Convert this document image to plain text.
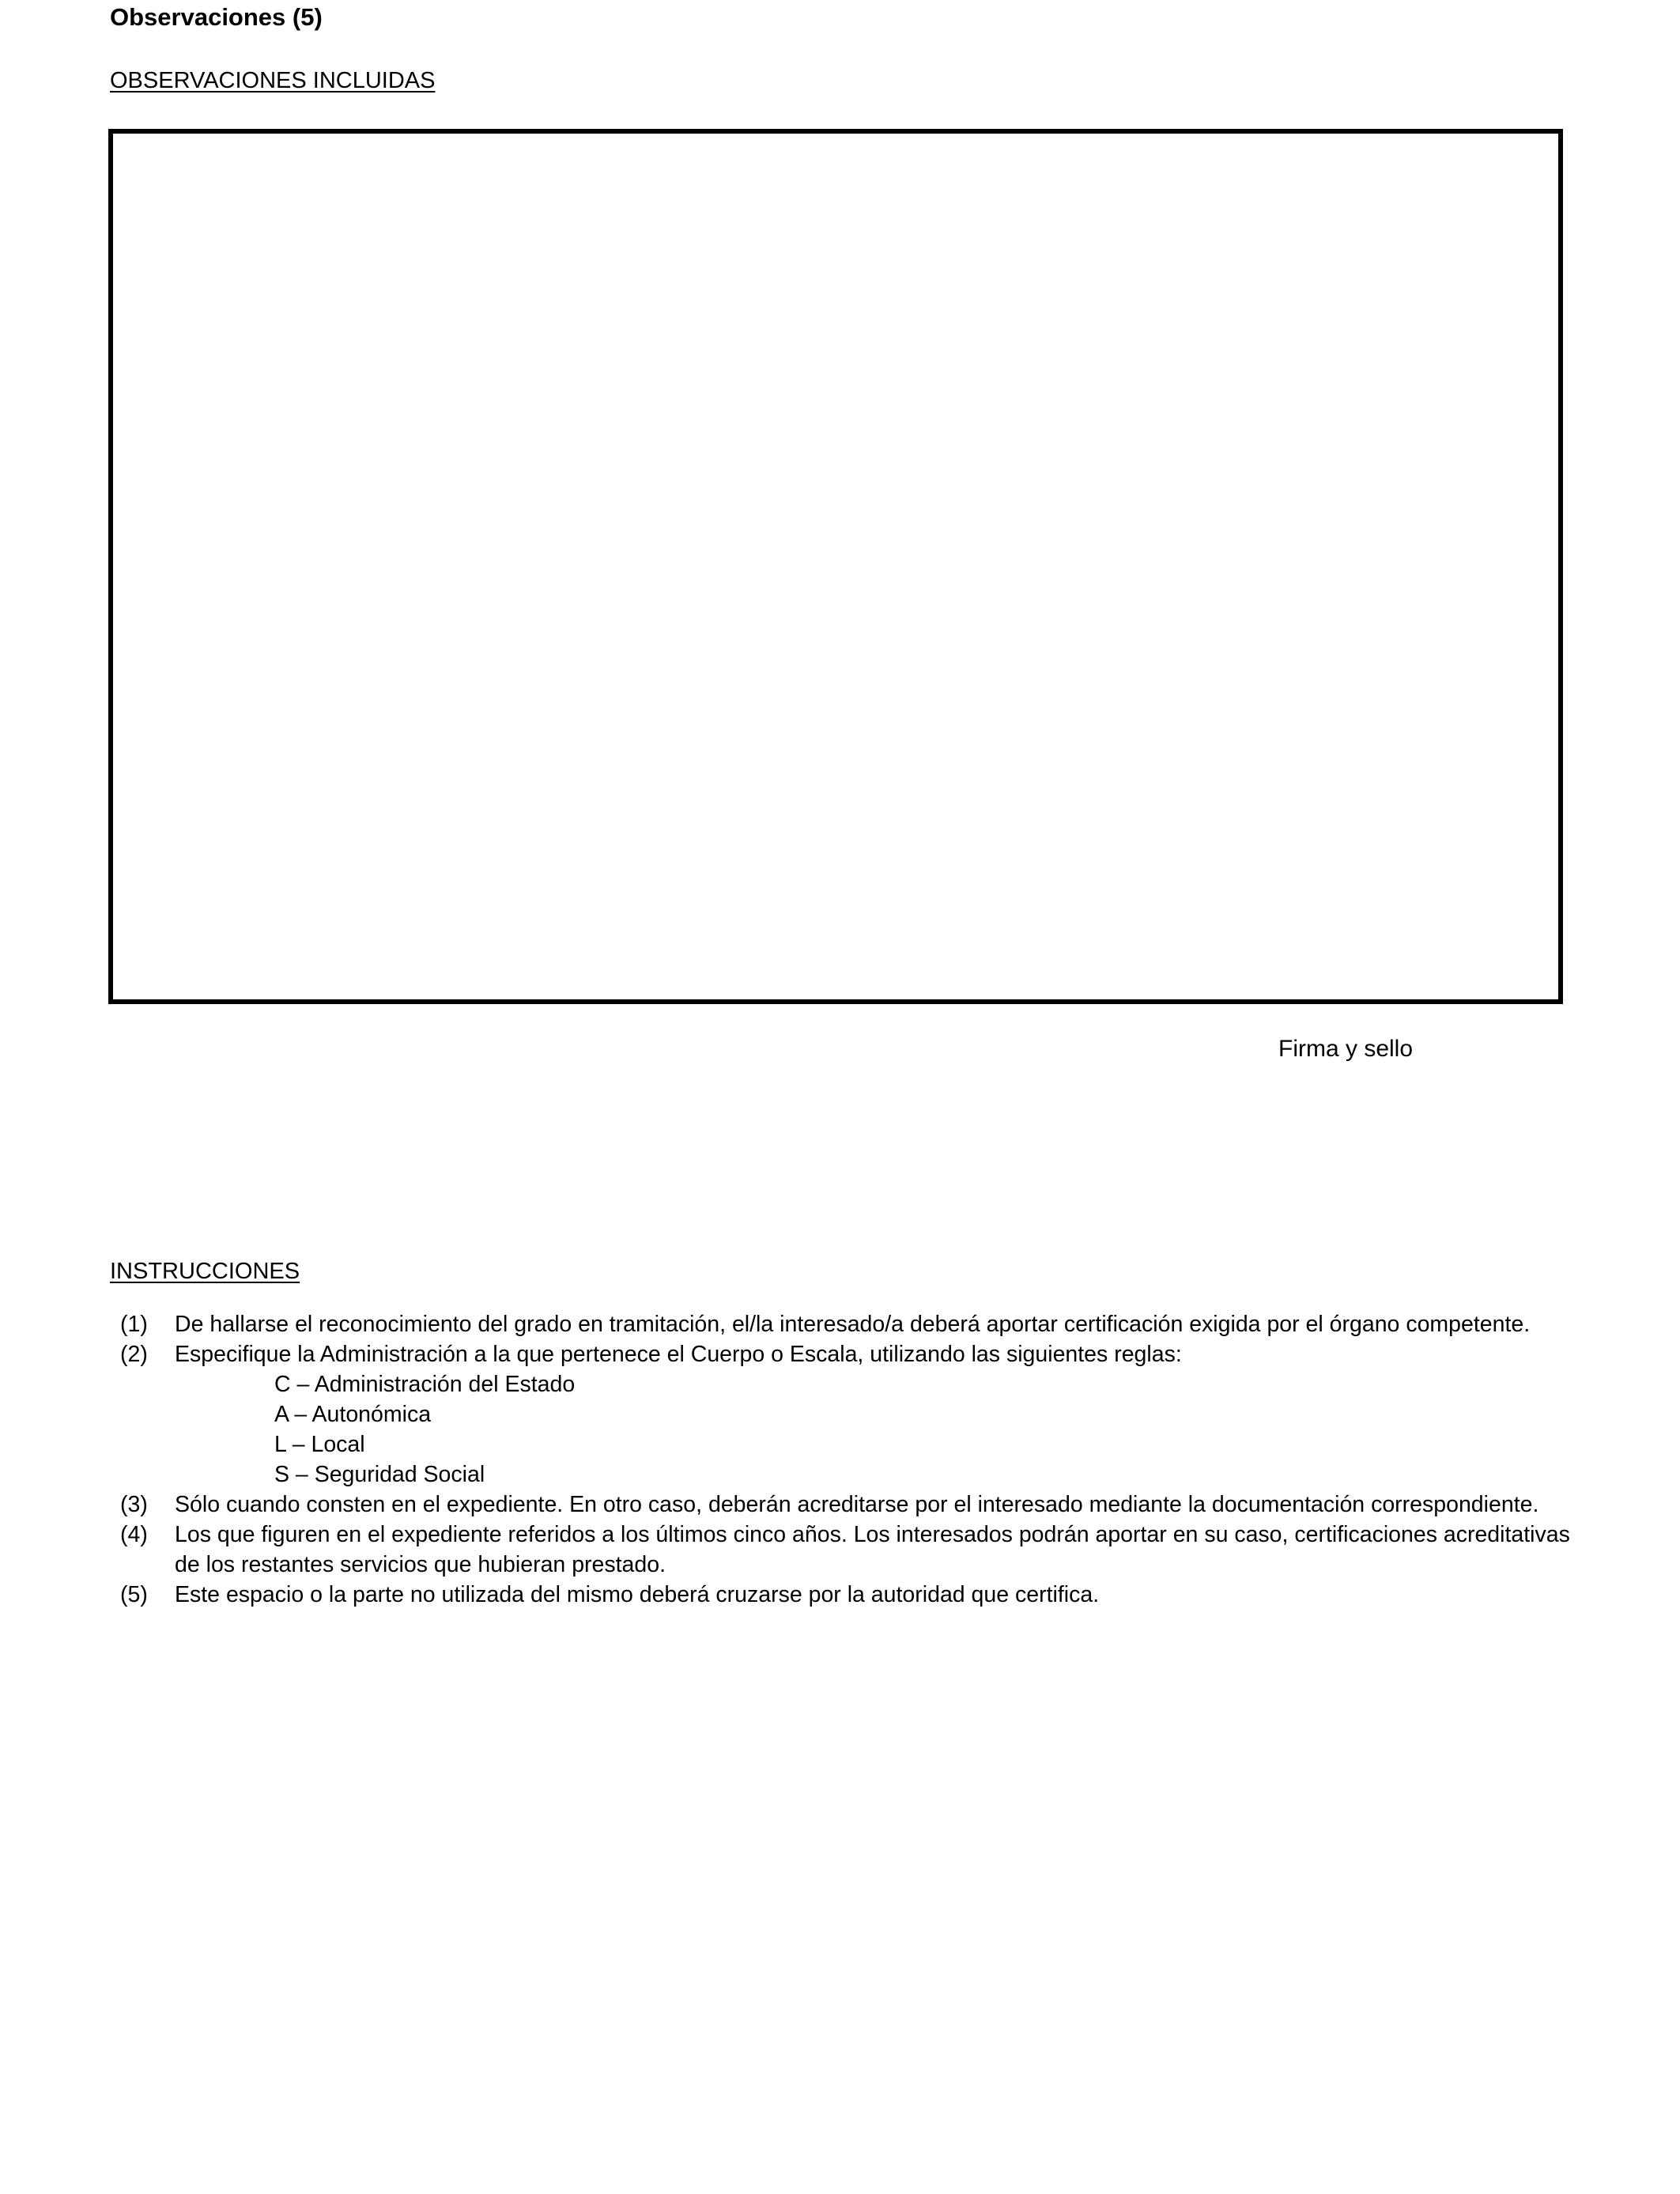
Observaciones (5)
OBSERVACIONES INCLUIDAS
Firma y sello
INSTRUCCIONES
(1)	De hallarse el reconocimiento del grado en tramitación, el/la interesado/a deberá aportar certificación exigida por el órgano competente.
(2)	Especifique la Administración a la que pertenece el Cuerpo o Escala, utilizando las siguientes reglas:
C – Administración del Estado
A – Autonómica
L – Local
S – Seguridad Social
(3)	Sólo cuando consten en el expediente. En otro caso, deberán acreditarse por el interesado mediante la documentación correspondiente.
(4)	Los que figuren en el expediente referidos a los últimos cinco años. Los interesados podrán aportar en su caso, certificaciones acreditativas de los restantes servicios que hubieran prestado.
(5)	Este espacio o la parte no utilizada del mismo deberá cruzarse por la autoridad que certifica.
